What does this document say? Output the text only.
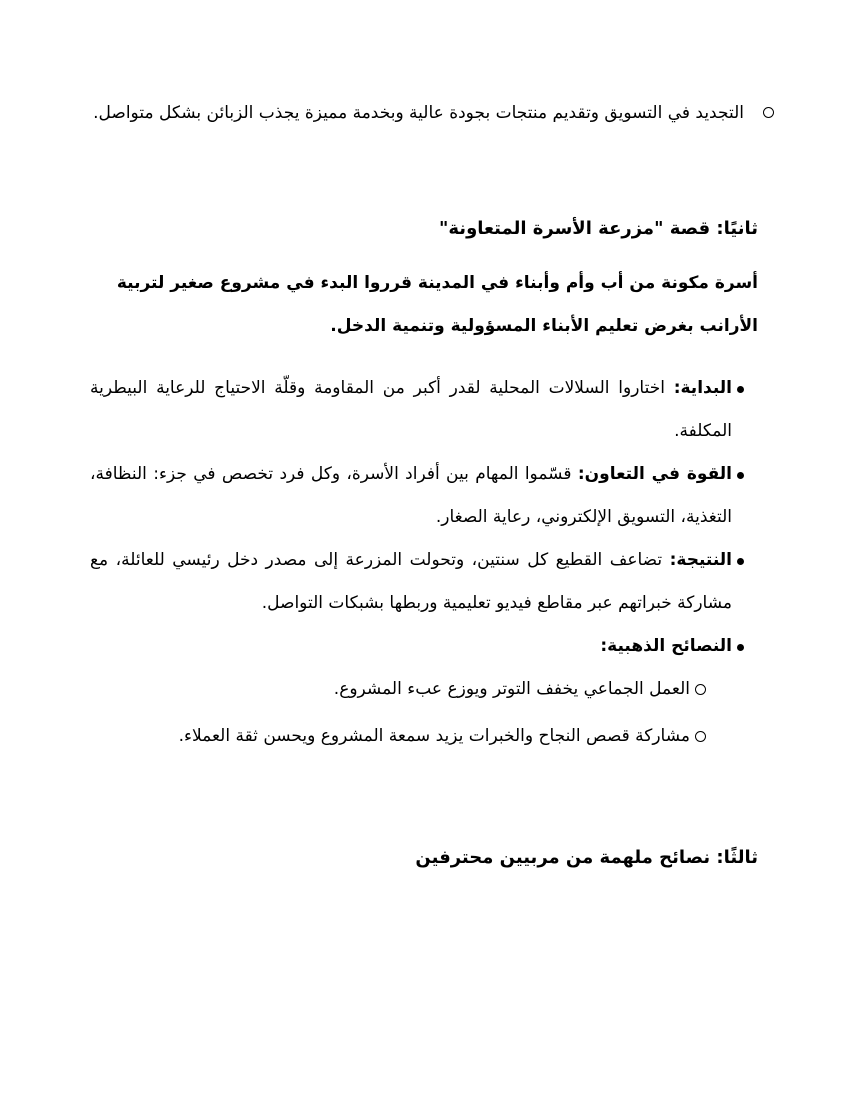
التجديد في التسويق وتقديم منتجات بجودة عالية وبخدمة مميزة يجذب الزبائن بشكل متواصل.
ثانيًا: قصة "مزرعة الأسرة المتعاونة"

أسرة مكونة من أب وأم وأبناء في المدينة قرروا البدء في مشروع صغير لتربية الأرانب بغرض تعليم الأبناء المسؤولية وتنمية الدخل.

البداية: اختاروا السلالات المحلية لقدر أكبر من المقاومة وقلّة الاحتياج للرعاية البيطرية المكلفة.
القوة في التعاون: قسّموا المهام بين أفراد الأسرة، وكل فرد تخصص في جزء: النظافة، التغذية، التسويق الإلكتروني، رعاية الصغار.
النتيجة: تضاعف القطيع كل سنتين، وتحولت المزرعة إلى مصدر دخل رئيسي للعائلة، مع مشاركة خبراتهم عبر مقاطع فيديو تعليمية وربطها بشبكات التواصل.
النصائح الذهبية:
العمل الجماعي يخفف التوتر ويوزع عبء المشروع.
مشاركة قصص النجاح والخبرات يزيد سمعة المشروع ويحسن ثقة العملاء.
ثالثًا: نصائح ملهمة من مربيين محترفين
